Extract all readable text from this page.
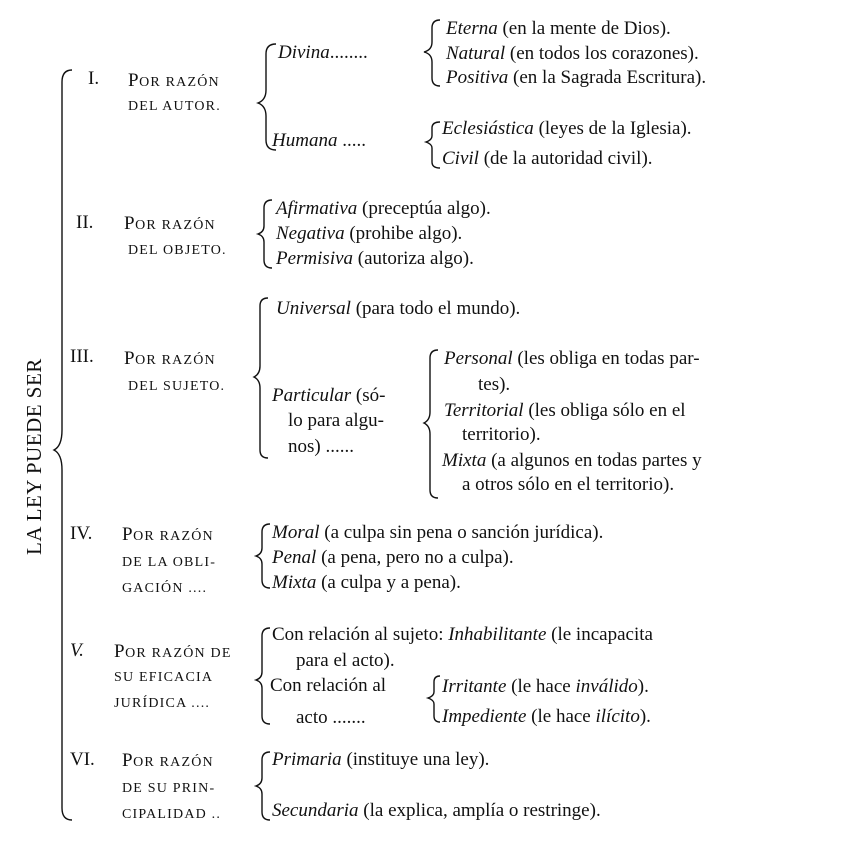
LA LEY PUEDE SER
I. POR RAZÓN
DEL AUTOR.
Divina........
Eterna (en la mente de Dios).
Natural (en todos los corazones).
Positiva (en la Sagrada Escritura).
Humana .....
Eclesiástica (leyes de la Iglesia).
Civil (de la autoridad civil).
II. POR RAZÓN
DEL OBJETO.
Afirmativa (preceptúa algo).
Negativa (prohibe algo).
Permisiva (autoriza algo).
III. POR RAZÓN
DEL SUJETO.
Universal (para todo el mundo).
Particular (só-
lo para algu-
nos) ......
Personal (les obliga en todas par-
tes).
Territorial (les obliga sólo en el
territorio).
Mixta (a algunos en todas partes y
a otros sólo en el territorio).
IV. POR RAZÓN
DE LA OBLI-
GACIÓN ....
Moral (a culpa sin pena o sanción jurídica).
Penal (a pena, pero no a culpa).
Mixta (a culpa y a pena).
V. POR RAZÓN DE
SU EFICACIA
JURÍDICA ....
Con relación al sujeto: Inhabilitante (le incapacita
para el acto).
Con relación al
acto .......
Irritante (le hace inválido).
Impediente (le hace ilícito).
VI. POR RAZÓN
DE SU PRIN-
CIPALIDAD ..
Primaria (instituye una ley).
Secundaria (la explica, amplía o restringe).
